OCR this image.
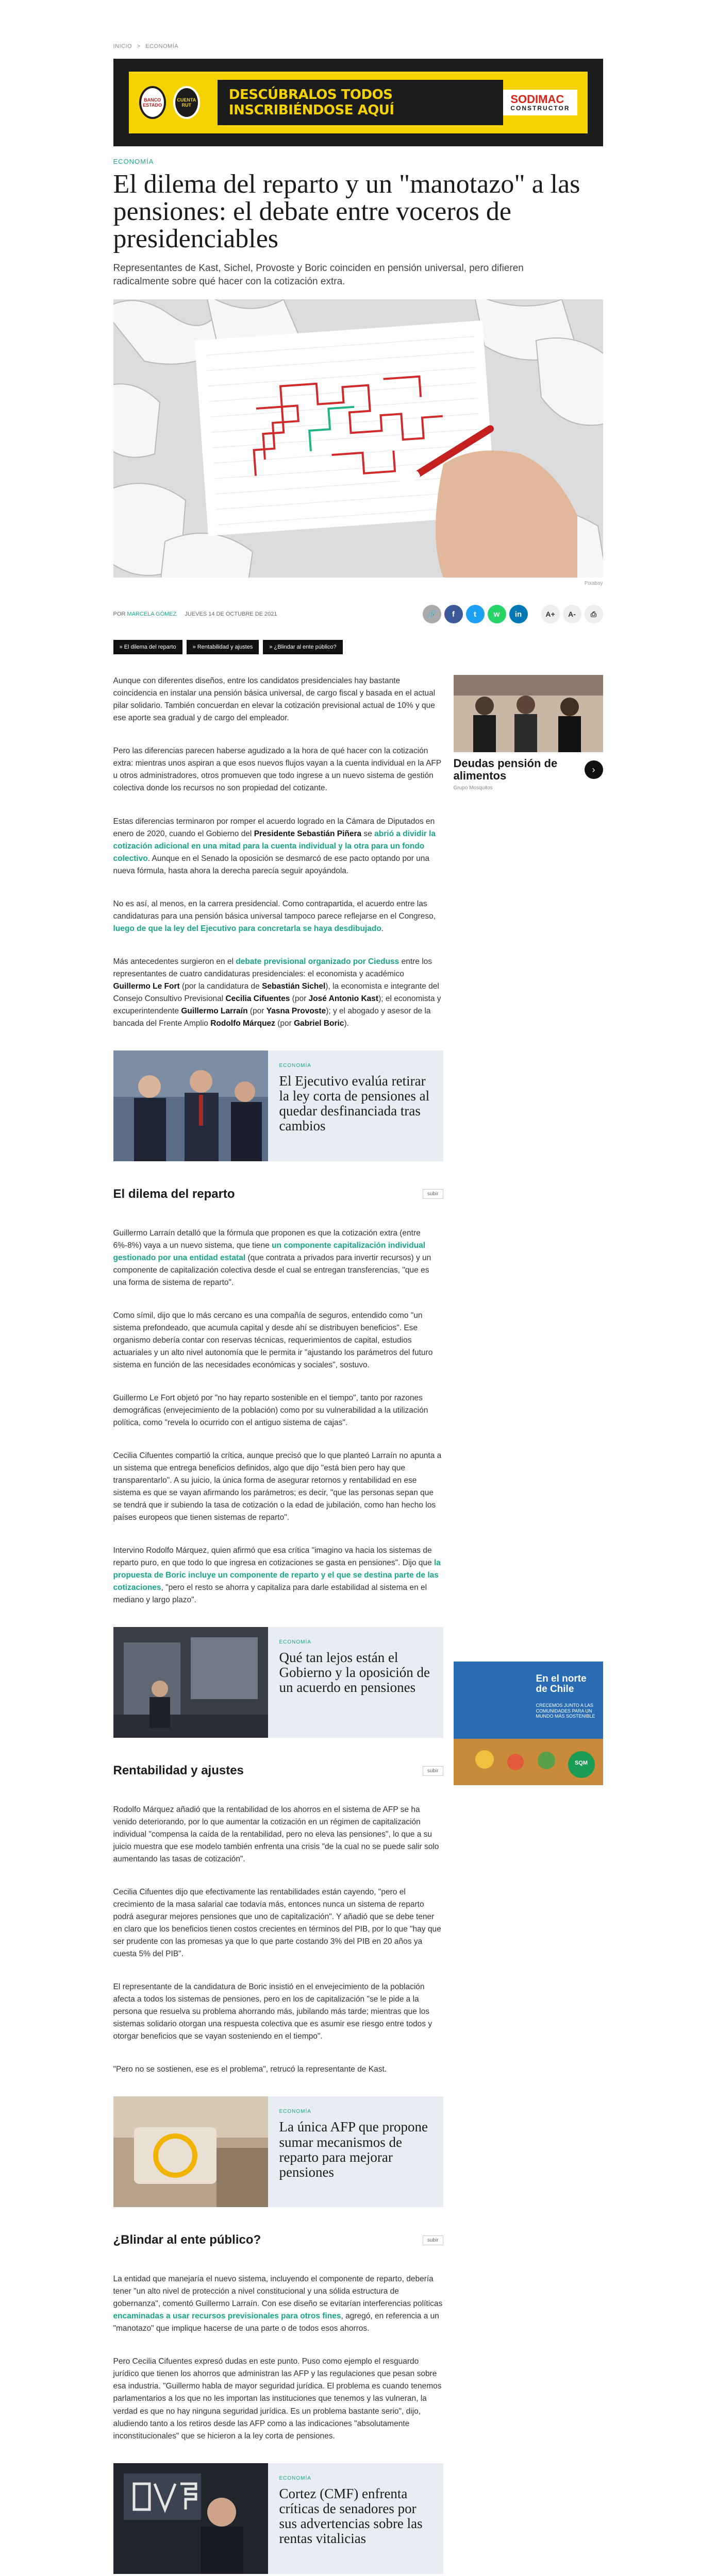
INICIO > ECONOMÍA
BANCO ESTADO
CUENTA RUT
DESCÚBRALOS TODOS INSCRIBIÉNDOSE AQUÍ
SODIMAC
CONSTRUCTOR
ECONOMÍA
El dilema del reparto y un "manotazo" a las pensiones: el debate entre voceros de presidenciables

Representantes de Kast, Sichel, Provoste y Boric coinciden en pensión universal, pero difieren radicalmente sobre qué hacer con la cotización extra.

Pixabay
POR MARCELA GÓMEZ JUEVES 14 DE OCTUBRE DE 2021	🔗	f	t	w	in	A+	A-	⎙
» El dilema del reparto	» Rentabilidad y ajustes	» ¿Blindar al ente público?

Aunque con diferentes diseños, entre los candidatos presidenciales hay bastante coincidencia en instalar una pensión básica universal, de cargo fiscal y basada en el actual pilar solidario. También concuerdan en elevar la cotización previsional actual de 10% y que ese aporte sea gradual y de cargo del empleador.

Pero las diferencias parecen haberse agudizado a la hora de qué hacer con la cotización extra: mientras unos aspiran a que esos nuevos flujos vayan a la cuenta individual en la AFP u otros administradores, otros promueven que todo ingrese a un nuevo sistema de gestión colectiva donde los recursos no son propiedad del cotizante.

Estas diferencias terminaron por romper el acuerdo logrado en la Cámara de Diputados en enero de 2020, cuando el Gobierno del Presidente Sebastián Piñera se abrió a dividir la cotización adicional en una mitad para la cuenta individual y la otra para un fondo colectivo. Aunque en el Senado la oposición se desmarcó de ese pacto optando por una nueva fórmula, hasta ahora la derecha parecía seguir apoyándola.

No es así, al menos, en la carrera presidencial. Como contrapartida, el acuerdo entre las candidaturas para una pensión básica universal tampoco parece reflejarse en el Congreso, luego de que la ley del Ejecutivo para concretarla se haya desdibujado.

Más antecedentes surgieron en el debate previsional organizado por Cieduss entre los representantes de cuatro candidaturas presidenciales: el economista y académico Guillermo Le Fort (por la candidatura de Sebastián Sichel), la economista e integrante del Consejo Consultivo Previsional Cecilia Cifuentes (por José Antonio Kast); el economista y excuperintendente Guillermo Larraín (por Yasna Provoste); y el abogado y asesor de la bancada del Frente Amplio Rodolfo Márquez (por Gabriel Boric).

ECONOMÍA
El Ejecutivo evalúa retirar la ley corta de pensiones al quedar desfinanciada tras cambios
El dilema del reparto	subir

Guillermo Larraín detalló que la fórmula que proponen es que la cotización extra (entre 6%-8%) vaya a un nuevo sistema, que tiene un componente capitalización individual gestionado por una entidad estatal (que contrata a privados para invertir recursos) y un componente de capitalización colectiva desde el cual se entregan transferencias, "que es una forma de sistema de reparto".

Como símil, dijo que lo más cercano es una compañía de seguros, entendido como "un sistema prefondeado, que acumula capital y desde ahí se distribuyen beneficios". Ese organismo debería contar con reservas técnicas, requerimientos de capital, estudios actuariales y un alto nivel autonomía que le permita ir "ajustando los parámetros del futuro sistema en función de las necesidades económicas y sociales", sostuvo.

Guillermo Le Fort objetó por "no hay reparto sostenible en el tiempo", tanto por razones demográficas (envejecimiento de la población) como por su vulnerabilidad a la utilización política, como "revela lo ocurrido con el antiguo sistema de cajas".

Cecilia Cifuentes compartió la crítica, aunque precisó que lo que planteó Larraín no apunta a un sistema que entrega beneficios definidos, algo que dijo "está bien pero hay que transparentarlo". A su juicio, la única forma de asegurar retornos y rentabilidad en ese sistema es que se vayan afirmando los parámetros; es decir, "que las personas sepan que se tendrá que ir subiendo la tasa de cotización o la edad de jubilación, como han hecho los países europeos que tienen sistemas de reparto".

Intervino Rodolfo Márquez, quien afirmó que esa crítica "imagino va hacia los sistemas de reparto puro, en que todo lo que ingresa en cotizaciones se gasta en pensiones". Dijo que la propuesta de Boric incluye un componente de reparto y el que se destina parte de las cotizaciones, "pero el resto se ahorra y capitaliza para darle estabilidad al sistema en el mediano y largo plazo".

ECONOMÍA
Qué tan lejos están el Gobierno y la oposición de un acuerdo en pensiones
Rentabilidad y ajustes	subir

Rodolfo Márquez añadió que la rentabilidad de los ahorros en el sistema de AFP se ha venido deteriorando, por lo que aumentar la cotización en un régimen de capitalización individual "compensa la caída de la rentabilidad, pero no eleva las pensiones", lo que a su juicio muestra que ese modelo también enfrenta una crisis "de la cual no se puede salir solo aumentando las tasas de cotización".

Cecilia Cifuentes dijo que efectivamente las rentabilidades están cayendo, "pero el crecimiento de la masa salarial cae todavía más, entonces nunca un sistema de reparto podrá asegurar mejores pensiones que uno de capitalización". Y añadió que se debe tener en claro que los beneficios tienen costos crecientes en términos del PIB, por lo que "hay que ser prudente con las promesas ya que lo que parte costando 3% del PIB en 20 años ya cuesta 5% del PIB".

El representante de la candidatura de Boric insistió en el envejecimiento de la población afecta a todos los sistemas de pensiones, pero en los de capitalización "se le pide a la persona que resuelva su problema ahorrando más, jubilando más tarde; mientras que los sistemas solidario otorgan una respuesta colectiva que es asumir ese riesgo entre todos y otorgar beneficios que se vayan sosteniendo en el tiempo".

"Pero no se sostienen, ese es el problema", retrucó la representante de Kast.

ECONOMÍA
La única AFP que propone sumar mecanismos de reparto para mejorar pensiones
¿Blindar al ente público?	subir

La entidad que manejaría el nuevo sistema, incluyendo el componente de reparto, debería tener "un alto nivel de protección a nivel constitucional y una sólida estructura de gobernanza", comentó Guillermo Larraín. Con ese diseño se evitarían interferencias políticas encaminadas a usar recursos previsionales para otros fines, agregó, en referencia a un "manotazo" que implique hacerse de una parte o de todos esos ahorros.

Pero Cecilia Cifuentes expresó dudas en este punto. Puso como ejemplo el resguardo jurídico que tienen los ahorros que administran las AFP y las regulaciones que pesan sobre esa industria. "Guillermo habla de mayor seguridad jurídica. El problema es cuando tenemos parlamentarios a los que no les importan las instituciones que tenemos y las vulneran, la verdad es que no hay ninguna seguridad jurídica. Es un problema bastante serio", dijo, aludiendo tanto a los retiros desde las AFP como a las indicaciones "absolutamente inconstitucionales" que se hicieron a la ley corta de pensiones.

ECONOMÍA
Cortez (CMF) enfrenta críticas de senadores por sus advertencias sobre las rentas vitalicias
Deudas pensión de alimentos
Grupo Mosquitos
›
En el norte de Chile
CRECEMOS JUNTO A LAS COMUNIDADES PARA UN MUNDO MÁS SOSTENIBLE
SQM
